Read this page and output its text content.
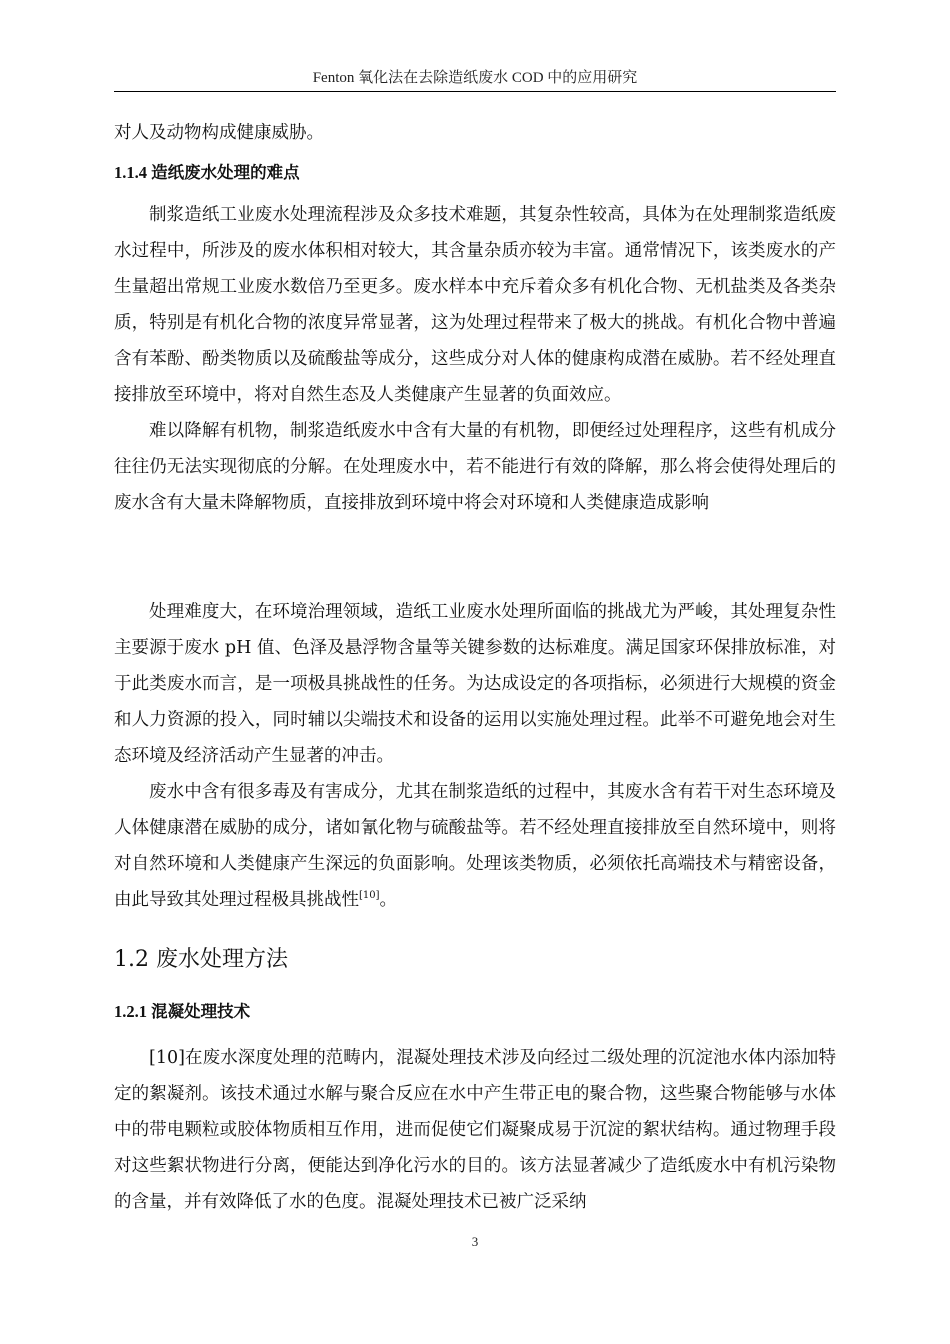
Fenton 氧化法在去除造纸废水 COD 中的应用研究

对人及动物构成健康威胁。

1.1.4 造纸废水处理的难点

制浆造纸工业废水处理流程涉及众多技术难题，其复杂性较高，具体为在处理制浆造纸废水过程中，所涉及的废水体积相对较大，其含量杂质亦较为丰富。通常情况下，该类废水的产生量超出常规工业废水数倍乃至更多。废水样本中充斥着众多有机化合物、无机盐类及各类杂质，特别是有机化合物的浓度异常显著，这为处理过程带来了极大的挑战。有机化合物中普遍含有苯酚、酚类物质以及硫酸盐等成分，这些成分对人体的健康构成潜在威胁。若不经处理直接排放至环境中，将对自然生态及人类健康产生显著的负面效应。

难以降解有机物，制浆造纸废水中含有大量的有机物，即便经过处理程序，这些有机成分往往仍无法实现彻底的分解。在处理废水中，若不能进行有效的降解，那么将会使得处理后的废水含有大量未降解物质，直接排放到环境中将会对环境和人类健康造成影响

处理难度大，在环境治理领域，造纸工业废水处理所面临的挑战尤为严峻，其处理复杂性主要源于废水 pH 值、色泽及悬浮物含量等关键参数的达标难度。满足国家环保排放标准，对于此类废水而言，是一项极具挑战性的任务。为达成设定的各项指标，必须进行大规模的资金和人力资源的投入，同时辅以尖端技术和设备的运用以实施处理过程。此举不可避免地会对生态环境及经济活动产生显著的冲击。

废水中含有很多毒及有害成分，尤其在制浆造纸的过程中，其废水含有若干对生态环境及人体健康潜在威胁的成分，诸如氰化物与硫酸盐等。若不经处理直接排放至自然环境中，则将对自然环境和人类健康产生深远的负面影响。处理该类物质，必须依托高端技术与精密设备，由此导致其处理过程极具挑战性[10]。

1.2 废水处理方法
1.2.1 混凝处理技术

[10]在废水深度处理的范畴内，混凝处理技术涉及向经过二级处理的沉淀池水体内添加特定的絮凝剂。该技术通过水解与聚合反应在水中产生带正电的聚合物，这些聚合物能够与水体中的带电颗粒或胶体物质相互作用，进而促使它们凝聚成易于沉淀的絮状结构。通过物理手段对这些絮状物进行分离，便能达到净化污水的目的。该方法显著减少了造纸废水中有机污染物的含量，并有效降低了水的色度。混凝处理技术已被广泛采纳

3
